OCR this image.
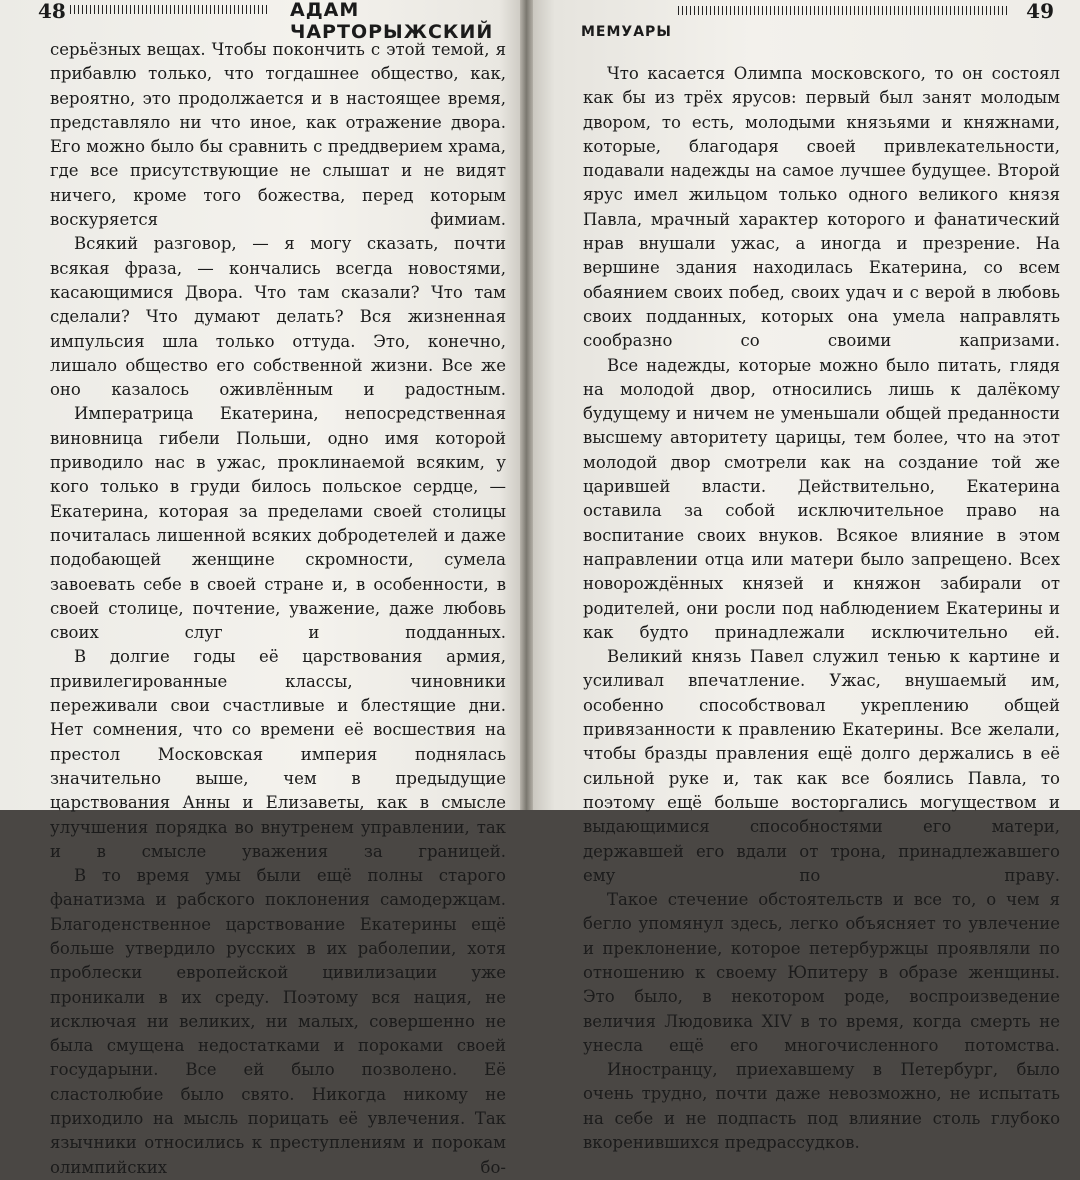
48	АДАМ ЧАРТОРЫЖСКИЙ

серьёзных вещах. Чтобы покончить с этой темой, я прибавлю только, что тогдашнее общество, как, вероятно, это продолжается и в настоящее время, представляло ни что иное, как отражение двора. Его можно было бы сравнить с преддверием храма, где все присутствующие не слышат и не видят ничего, кроме того божества, перед которым воскуряется фимиам.

Всякий разговор, — я могу сказать, почти всякая фраза, — кончались всегда новостями, касающимися Двора. Что там сказали? Что там сделали? Что думают делать? Вся жизненная импульсия шла только оттуда. Это, конечно, лишало общество его собственной жизни. Все же оно казалось оживлённым и радостным.

Императрица Екатерина, непосредственная виновница гибели Польши, одно имя которой приводило нас в ужас, проклинаемой всяким, у кого только в груди билось польское сердце, — Екатерина, которая за пределами своей столицы почиталась лишенной всяких добродетелей и даже подобающей женщине скромности, сумела завоевать себе в своей стране и, в особенности, в своей столице, почтение, уважение, даже любовь своих слуг и подданных.

В долгие годы её царствования армия, привилегированные классы, чиновники переживали свои счастливые и блестящие дни. Нет сомнения, что со времени её восшествия на престол Московская империя поднялась значительно выше, чем в предыдущие царствования Анны и Елизаветы, как в смысле улучшения порядка во внутренем управлении, так и в смысле уважения за границей.

В то время умы были ещё полны старого фанатизма и рабского поклонения самодержцам. Благоденственное царствование Екатерины ещё больше утвердило русских в их раболепии, хотя проблески европейской цивилизации уже проникали в их среду. Поэтому вся нация, не исключая ни великих, ни малых, совершенно не была смущена недостатками и пороками своей государыни. Все ей было позволено. Её сластолюбие было свято. Никогда никому не приходило на мысль порицать её увлечения. Так язычники относились к преступлениям и порокам олимпийских бо-

МЕМУАРЫ
49

Что касается Олимпа московского, то он состоял как бы из трёх ярусов: первый был занят молодым двором, то есть, молодыми князьями и княжнами, которые, благодаря своей привлекательности, подавали надежды на самое лучшее будущее. Второй ярус имел жильцом только одного великого князя Павла, мрачный характер которого и фанатический нрав внушали ужас, а иногда и презрение. На вершине здания находилась Екатерина, со всем обаянием своих побед, своих удач и с верой в любовь своих подданных, которых она умела направлять сообразно со своими капризами.

Все надежды, которые можно было питать, глядя на молодой двор, относились лишь к далёкому будущему и ничем не уменьшали общей преданности высшему авторитету царицы, тем более, что на этот молодой двор смотрели как на создание той же царившей власти. Действительно, Екатерина оставила за собой исключительное право на воспитание своих внуков. Всякое влияние в этом направлении отца или матери было запрещено. Всех новорождённых князей и княжон забирали от родителей, они росли под наблюдением Екатерины и как будто принадлежали исключительно ей.

Великий князь Павел служил тенью к картине и усиливал впечатление. Ужас, внушаемый им, особенно способствовал укреплению общей привязанности к правлению Екатерины. Все желали, чтобы бразды правления ещё долго держались в её сильной руке и, так как все боялись Павла, то поэтому ещё больше восторгались могуществом и выдающимися способностями его матери, державшей его вдали от трона, принадлежавшего ему по праву.

Такое стечение обстоятельств и все то, о чем я бегло упомянул здесь, легко объясняет то увлечение и преклонение, которое петербуржцы проявляли по отношению к своему Юпитеру в образе женщины. Это было, в некотором роде, воспроизведение величия Людовика XIV в то время, когда смерть не унесла ещё его многочисленного потомства.

Иностранцу, приехавшему в Петербург, было очень трудно, почти даже невозможно, не испытать на себе и не подпасть под влияние столь глубоко вкоренившихся предрассудков.
